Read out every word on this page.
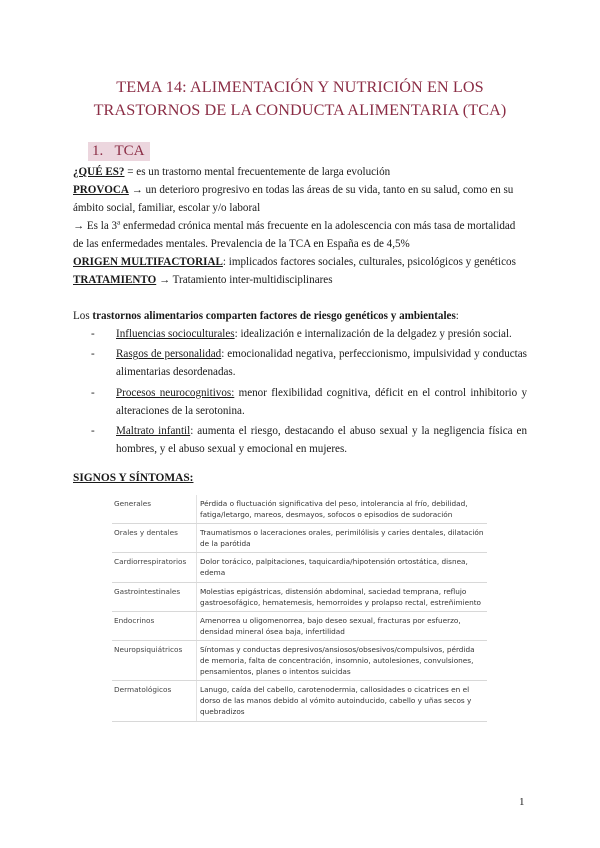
TEMA 14: ALIMENTACIÓN Y NUTRICIÓN EN LOS
TRASTORNOS DE LA CONDUCTA ALIMENTARIA (TCA)
1. TCA

¿QUÉ ES? = es un trastorno mental frecuentemente de larga evolución

PROVOCA → un deterioro progresivo en todas las áreas de su vida, tanto en su salud, como en su

ámbito social, familiar, escolar y/o laboral

→ Es la 3$^a$ enfermedad crónica mental más frecuente en la adolescencia con más tasa de mortalidad

de las enfermedades mentales. Prevalencia de la TCA en España es de 4,5%

ORIGEN MULTIFACTORIAL: implicados factores sociales, culturales, psicológicos y genéticos

TRATAMIENTO → Tratamiento inter-multidisciplinares

Los trastornos alimentarios comparten factores de riesgo genéticos y ambientales:

- Influencias socioculturales: idealización e internalización de la delgadez y presión social.
- Rasgos de personalidad: emocionalidad negativa, perfeccionismo, impulsividad y conductas alimentarias desordenadas.
- Procesos neurocognitivos: menor flexibilidad cognitiva, déficit en el control inhibitorio y alteraciones de la serotonina.
- Maltrato infantil: aumenta el riesgo, destacando el abuso sexual y la negligencia física en hombres, y el abuso sexual y emocional en mujeres.
SIGNOS Y SÍNTOMAS:
Generales	Pérdida o fluctuación significativa del peso, intolerancia al frío, debilidad, fatiga/letargo, mareos, desmayos, sofocos o episodios de sudoración
Orales y dentales	Traumatismos o laceraciones orales, perimilólisis y caries dentales, dilatación de la parótida
Cardiorrespiratorios	Dolor torácico, palpitaciones, taquicardia/hipotensión ortostática, disnea, edema
Gastrointestinales	Molestias epigástricas, distensión abdominal, saciedad temprana, reflujo gastroesofágico, hematemesis, hemorroides y prolapso rectal, estreñimiento
Endocrinos	Amenorrea u oligomenorrea, bajo deseo sexual, fracturas por esfuerzo, densidad mineral ósea baja, infertilidad
Neuropsiquiátricos	Síntomas y conductas depresivos/ansiosos/obsesivos/compulsivos, pérdida de memoria, falta de concentración, insomnio, autolesiones, convulsiones, pensamientos, planes o intentos suicidas
Dermatológicos	Lanugo, caída del cabello, carotenodermia, callosidades o cicatrices en el dorso de las manos debido al vómito autoinducido, cabello y uñas secos y quebradizos
1
